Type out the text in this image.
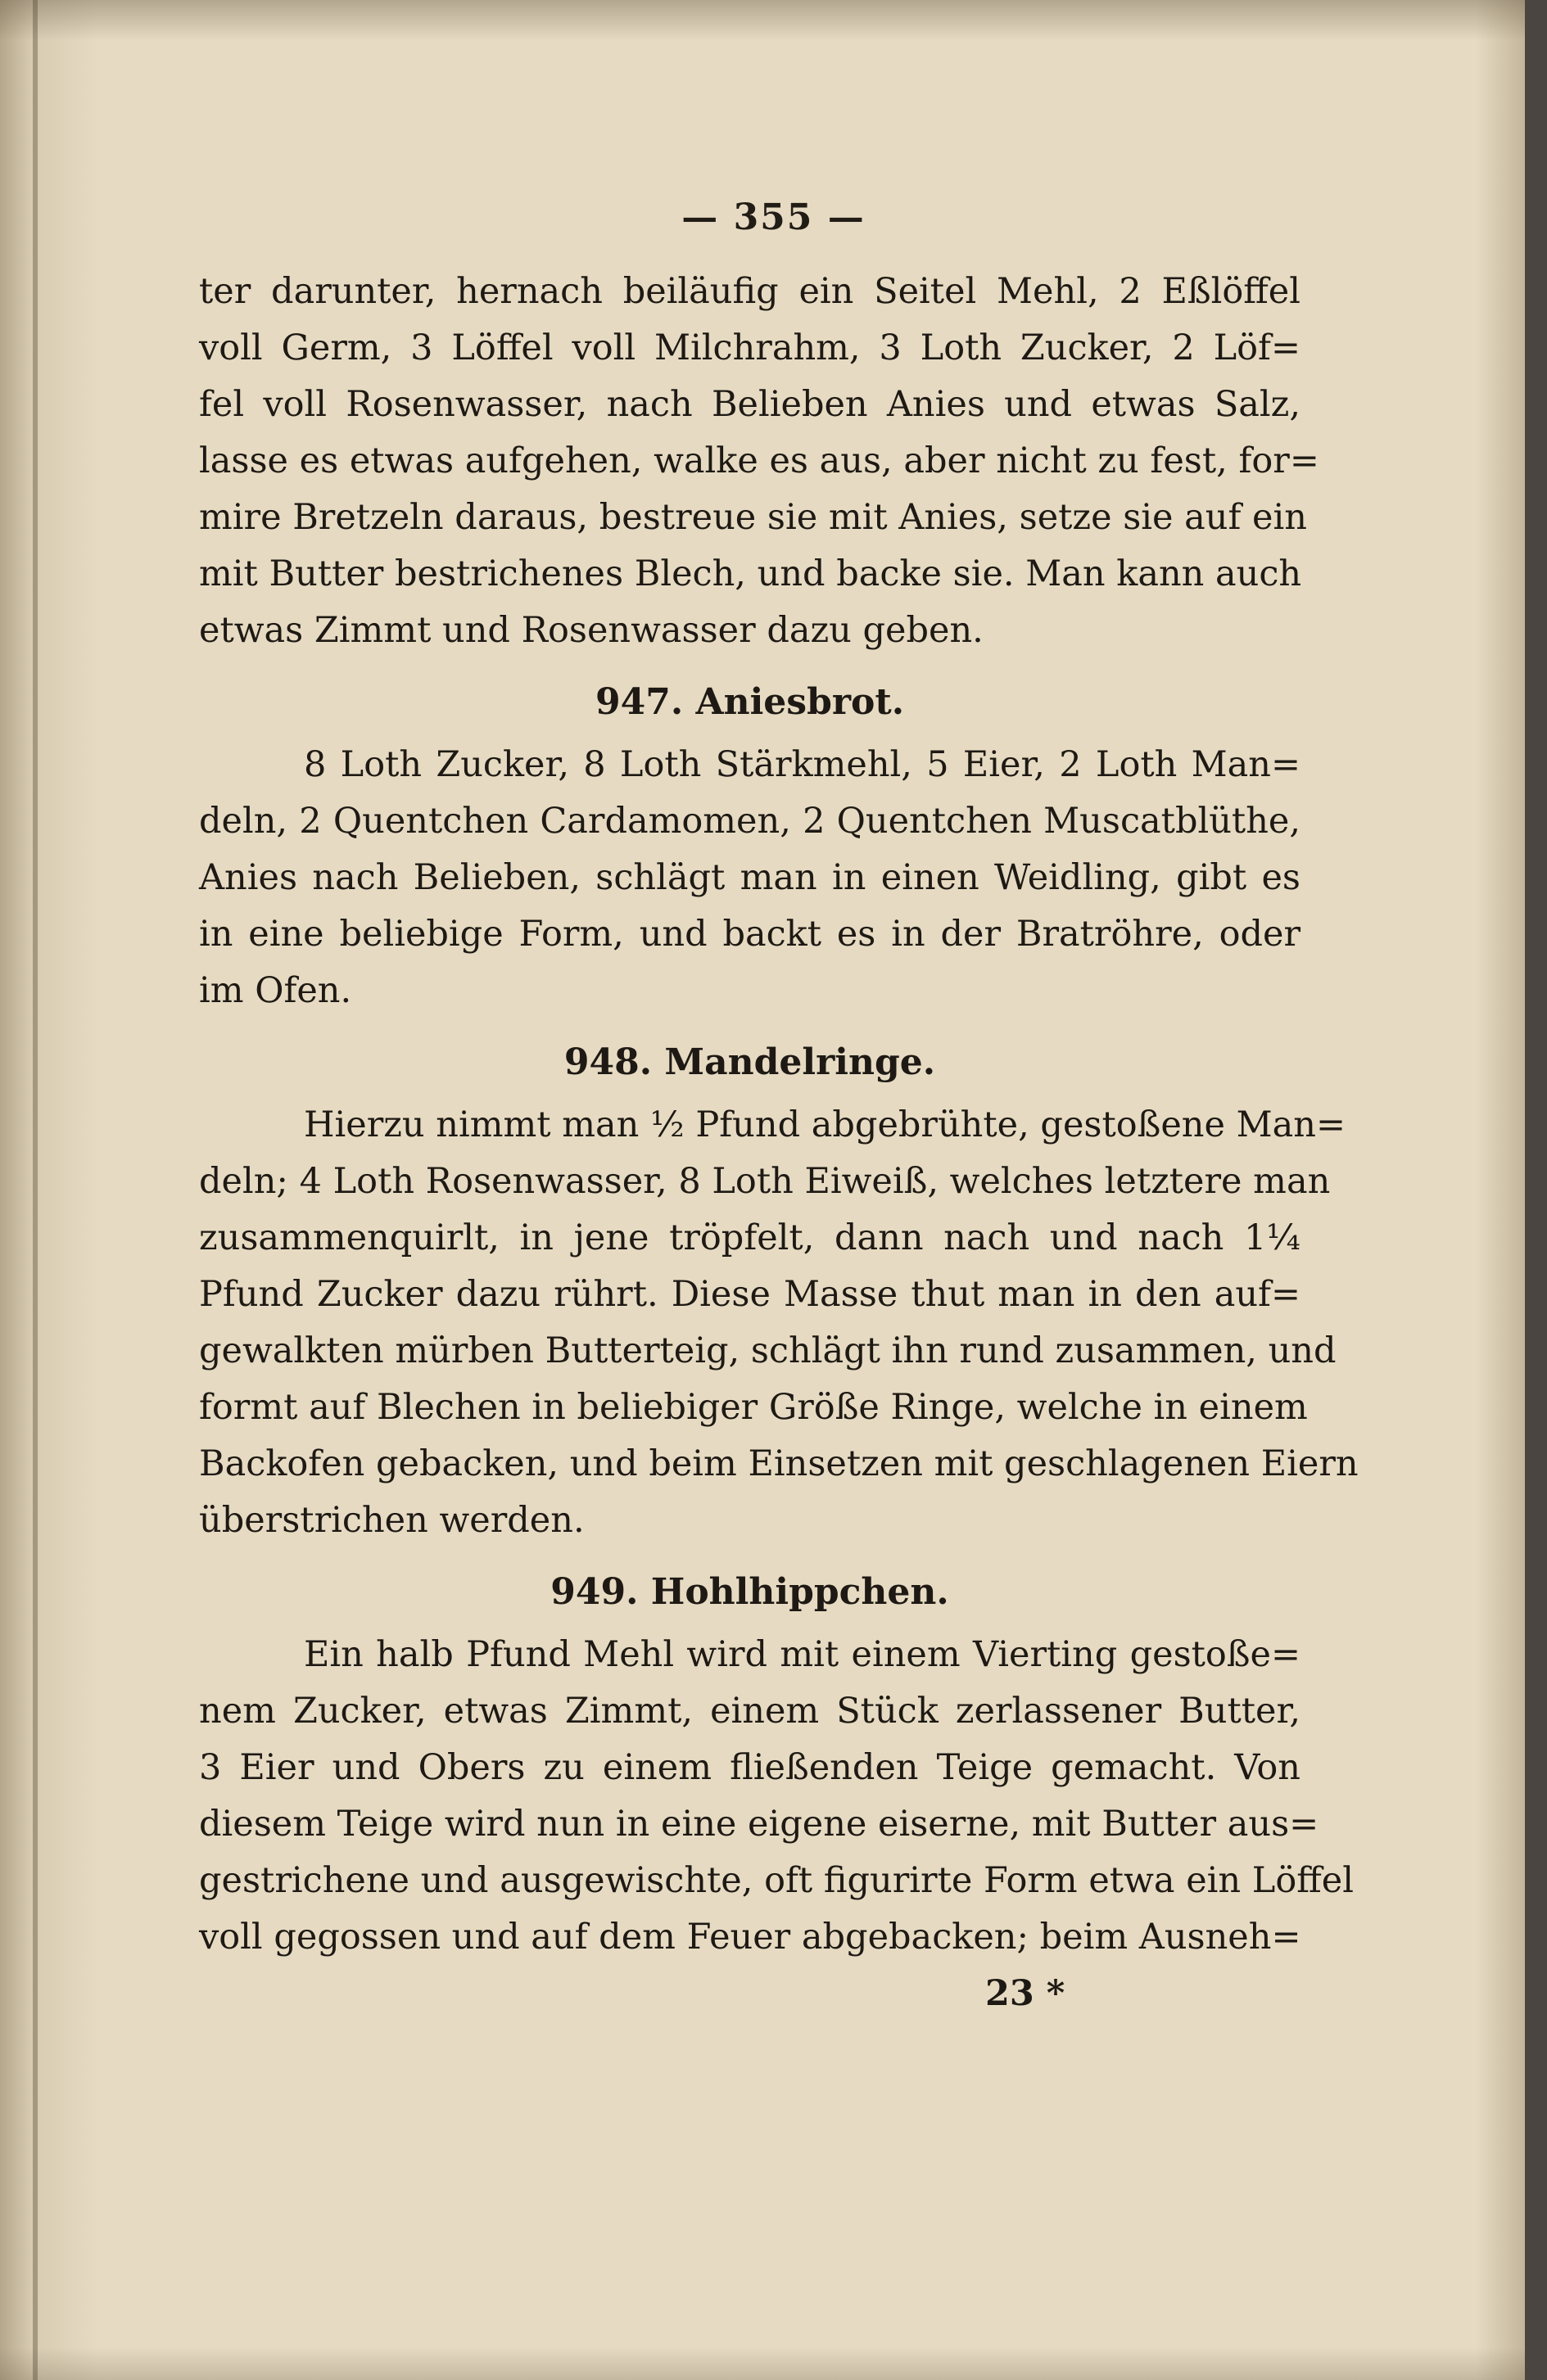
— 355 —
ter darunter, hernach beiläufig ein Seitel Mehl, 2 Eßlöffel
voll Germ, 3 Löffel voll Milchrahm, 3 Loth Zucker, 2 Löf=
fel voll Rosenwasser, nach Belieben Anies und etwas Salz,
lasse es etwas aufgehen, walke es aus, aber nicht zu fest, for=
mire Bretzeln daraus, bestreue sie mit Anies, setze sie auf ein
mit Butter bestrichenes Blech, und backe sie. Man kann auch
etwas Zimmt und Rosenwasser dazu geben.
947. Aniesbrot.
8 Loth Zucker, 8 Loth Stärkmehl, 5 Eier, 2 Loth Man=
deln, 2 Quentchen Cardamomen, 2 Quentchen Muscatblüthe,
Anies nach Belieben, schlägt man in einen Weidling, gibt es
in eine beliebige Form, und backt es in der Bratröhre, oder
im Ofen.
948. Mandelringe.
Hierzu nimmt man ½ Pfund abgebrühte, gestoßene Man=
deln; 4 Loth Rosenwasser, 8 Loth Eiweiß, welches letztere man
zusammenquirlt, in jene tröpfelt, dann nach und nach 1¼
Pfund Zucker dazu rührt. Diese Masse thut man in den auf=
gewalkten mürben Butterteig, schlägt ihn rund zusammen, und
formt auf Blechen in beliebiger Größe Ringe, welche in einem
Backofen gebacken, und beim Einsetzen mit geschlagenen Eiern
überstrichen werden.
949. Hohlhippchen.
Ein halb Pfund Mehl wird mit einem Vierting gestoße=
nem Zucker, etwas Zimmt, einem Stück zerlassener Butter,
3 Eier und Obers zu einem fließenden Teige gemacht. Von
diesem Teige wird nun in eine eigene eiserne, mit Butter aus=
gestrichene und ausgewischte, oft figurirte Form etwa ein Löffel
voll gegossen und auf dem Feuer abgebacken; beim Ausneh=
23 *
